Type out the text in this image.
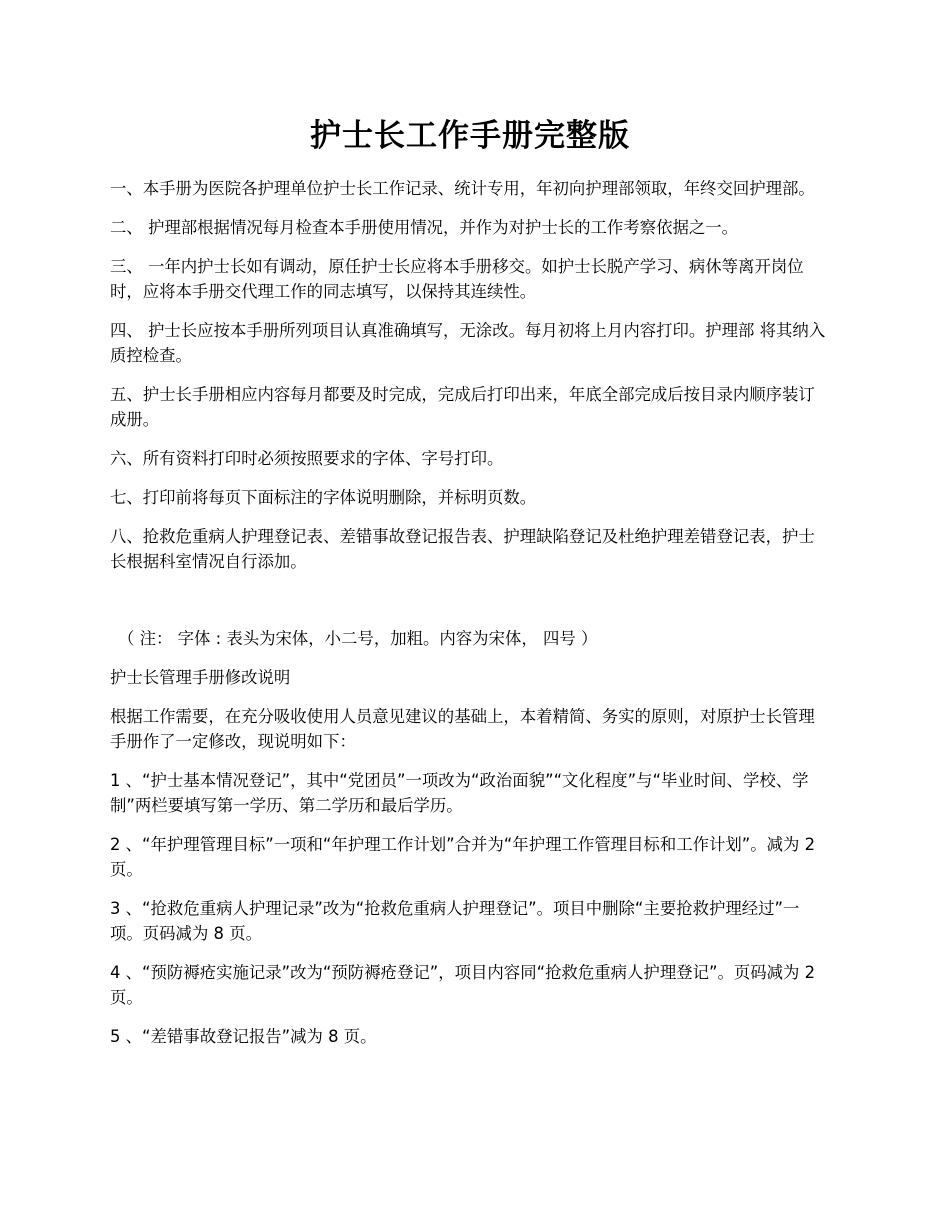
护士长工作手册完整版

一、本手册为医院各护理单位护士长工作记录、统计专用，年初向护理部领取，年终交回护理部。

二、 护理部根据情况每月检查本手册使用情况，并作为对护士长的工作考察依据之一。

三、 一年内护士长如有调动，原任护士长应将本手册移交。如护士长脱产学习、病休等离开岗位时，应将本手册交代理工作的同志填写，以保持其连续性。

四、 护士长应按本手册所列项目认真准确填写，无涂改。每月初将上月内容打印。护理部 将其纳入 质控检查。

五、护士长手册相应内容每月都要及时完成，完成后打印出来，年底全部完成后按目录内顺序装订成册。

六、所有资料打印时必须按照要求的字体、字号打印。

七、打印前将每页下面标注的字体说明删除，并标明页数。

八、抢救危重病人护理登记表、差错事故登记报告表、护理缺陷登记及杜绝护理差错登记表，护士长根据科室情况自行添加。

（ 注： 字体 : 表头为宋体，小二号，加粗。内容为宋体， 四号 ）

护士长管理手册修改说明

根据工作需要，在充分吸收使用人员意见建议的基础上，本着精简、务实的原则，对原护士长管理手册作了一定修改，现说明如下：

1 、“护士基本情况登记”，其中“党团员”一项改为“政治面貌”“文化程度”与“毕业时间、学校、学制”两栏要填写第一学历、第二学历和最后学历。

2 、“年护理管理目标”一项和“年护理工作计划”合并为“年护理工作管理目标和工作计划”。减为 2 页。

3 、“抢救危重病人护理记录”改为“抢救危重病人护理登记”。项目中删除“主要抢救护理经过”一项。页码减为 8 页。

4 、“预防褥疮实施记录”改为“预防褥疮登记”，项目内容同“抢救危重病人护理登记”。页码减为 2 页。

5 、“差错事故登记报告”减为 8 页。
